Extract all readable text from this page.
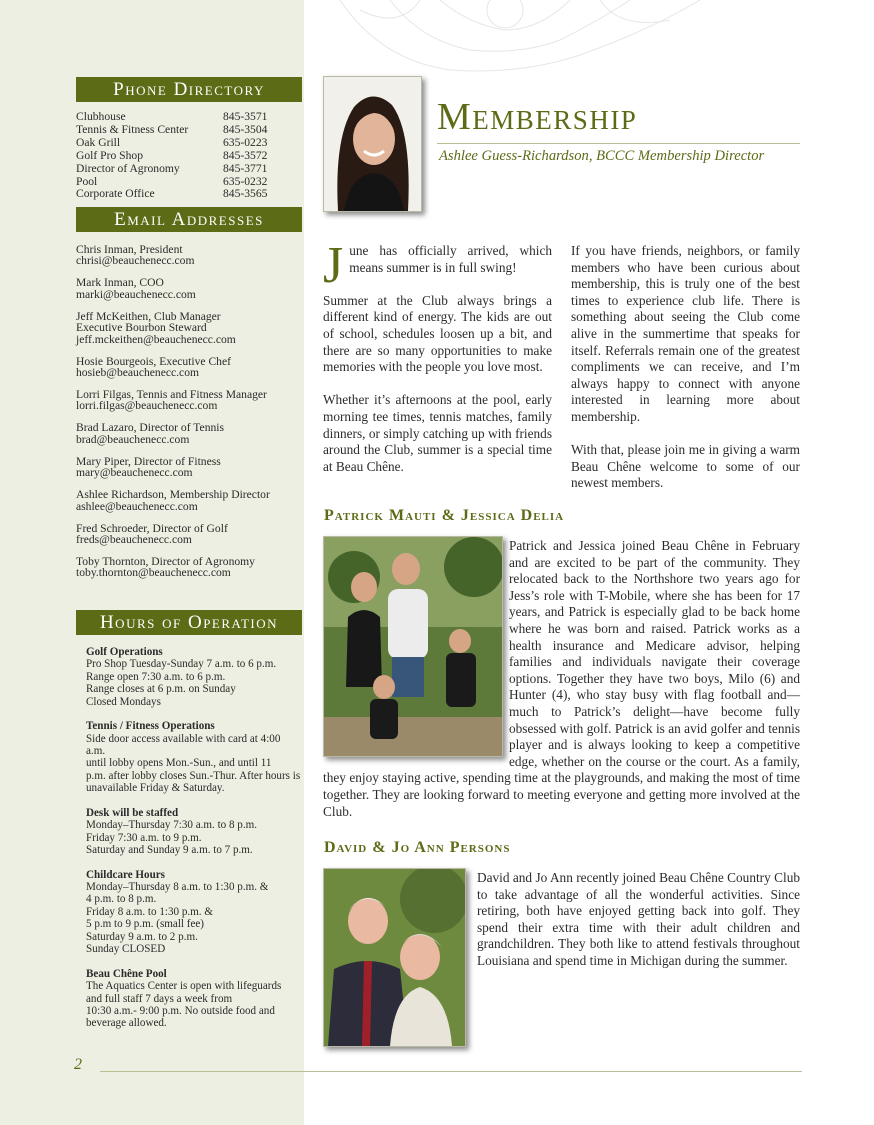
Phone Directory
Clubhouse	845-3571
Tennis & Fitness Center	845-3504
Oak Grill	635-0223
Golf Pro Shop	845-3572
Director of Agronomy	845-3771
Pool	635-0232
Corporate Office	845-3565
Email Addresses
Chris Inman, President
chrisi@beauchenecc.com
Mark Inman, COO
marki@beauchenecc.com
Jeff McKeithen, Club Manager
Executive Bourbon Steward
jeff.mckeithen@beauchenecc.com
Hosie Bourgeois, Executive Chef
hosieb@beauchenecc.com
Lorri Filgas, Tennis and Fitness Manager
lorri.filgas@beauchenecc.com
Brad Lazaro, Director of Tennis
brad@beauchenecc.com
Mary Piper, Director of Fitness
mary@beauchenecc.com
Ashlee Richardson, Membership Director
ashlee@beauchenecc.com
Fred Schroeder, Director of Golf
freds@beauchenecc.com
Toby Thornton, Director of Agronomy
toby.thornton@beauchenecc.com
Hours of Operation
Golf Operations
Pro Shop Tuesday-Sunday 7 a.m. to 6 p.m.
Range open 7:30 a.m. to 6 p.m.
Range closes at 6 p.m. on Sunday
Closed Mondays
Tennis / Fitness Operations
Side door access available with card at 4:00 a.m.
until lobby opens Mon.-Sun., and until 11
p.m. after lobby closes Sun.-Thur. After hours is
unavailable Friday & Saturday.
Desk will be staffed
Monday–Thursday 7:30 a.m. to 8 p.m.
Friday 7:30 a.m. to 9 p.m.
Saturday and Sunday 9 a.m. to 7 p.m.
Childcare Hours
Monday–Thursday 8 a.m. to 1:30 p.m. &
4 p.m. to 8 p.m.
Friday 8 a.m. to 1:30 p.m. &
5 p.m to 9 p.m. (small fee)
Saturday 9 a.m. to 2 p.m.
Sunday CLOSED
Beau Chêne Pool
The Aquatics Center is open with lifeguards
and full staff 7 days a week from
10:30 a.m.- 9:00 p.m. No outside food and
beverage allowed.
Membership
Ashlee Guess-Richardson, BCCC Membership Director

June has officially arrived, which means summer is in full swing!

Summer at the Club always brings a different kind of energy. The kids are out of school, schedules loosen up a bit, and there are so many opportunities to make memories with the people you love most.

Whether it’s afternoons at the pool, early morning tee times, tennis matches, family dinners, or simply catching up with friends around the Club, summer is a special time at Beau Chêne.

If you have friends, neighbors, or family members who have been curious about membership, this is truly one of the best times to experience club life. There is something about seeing the Club come alive in the summertime that speaks for itself. Referrals remain one of the greatest compliments we can receive, and I’m always happy to connect with anyone interested in learning more about membership.

With that, please join me in giving a warm Beau Chêne welcome to some of our newest members.

Patrick Mauti & Jessica Delia
Patrick and Jessica joined Beau Chêne in February and are excited to be part of the community. They relocated back to the Northshore two years ago for Jess’s role with T-Mobile, where she has been for 17 years, and Patrick is especially glad to be back home where he was born and raised. Patrick works as a health insurance and Medicare advisor, helping families and individuals navigate their coverage options. Together they have two boys, Milo (6) and Hunter (4), who stay busy with flag football and—much to Patrick’s delight—have become fully obsessed with golf. Patrick is an avid golfer and tennis player and is always looking to keep a competitive edge, whether on the course or the court. As a family, they enjoy staying active, spending time at the playgrounds, and making the most of time together. They are looking forward to meeting everyone and getting more involved at the Club.
David & Jo Ann Persons
David and Jo Ann recently joined Beau Chêne Country Club to take advantage of all the wonderful activities. Since retiring, both have enjoyed getting back into golf. They spend their extra time with their adult children and grandchildren. They both like to attend festivals throughout Louisiana and spend time in Michigan during the summer.
2
